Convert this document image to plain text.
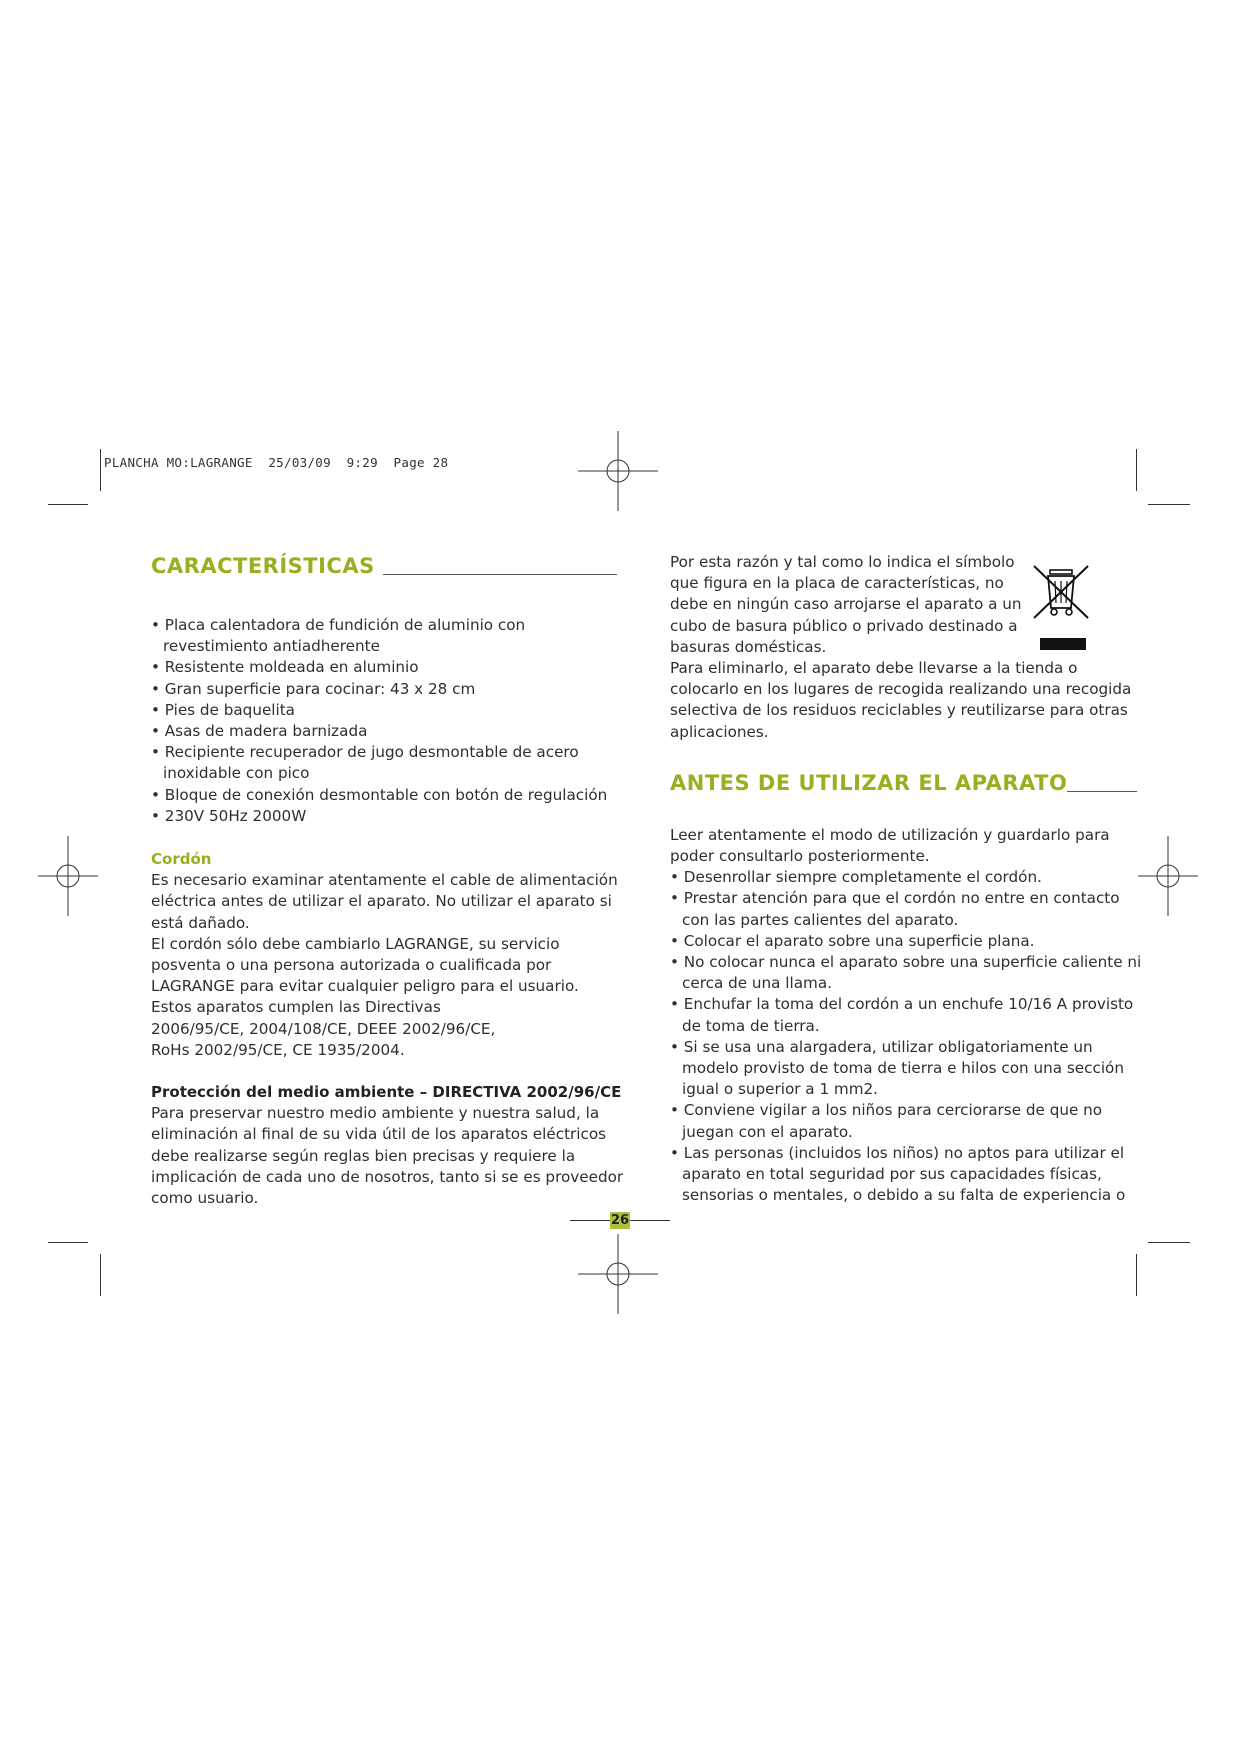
PLANCHA MO:LAGRANGE  25/03/09  9:29  Page 28
CARACTERÍSTICAS
• Placa calentadora de fundición de aluminio con revestimiento antiadherente
• Resistente moldeada en aluminio
• Gran superficie para cocinar: 43 x 28 cm
• Pies de baquelita
• Asas de madera barnizada
• Recipiente recuperador de jugo desmontable de acero inoxidable con pico
• Bloque de conexión desmontable con botón de regulación
• 230V 50Hz 2000W
Cordón

Es necesario examinar atentamente el cable de alimentación eléctrica antes de utilizar el aparato. No utilizar el aparato si está dañado.

El cordón sólo debe cambiarlo LAGRANGE, su servicio posventa o una persona autorizada o cualificada por LAGRANGE para evitar cualquier peligro para el usuario.

Estos aparatos cumplen las Directivas 2006/95/CE, 2004/108/CE, DEEE 2002/96/CE, RoHs 2002/95/CE, CE 1935/2004.

Protección del medio ambiente – DIRECTIVA 2002/96/CE

Para preservar nuestro medio ambiente y nuestra salud, la eliminación al final de su vida útil de los aparatos eléctricos debe realizarse según reglas bien precisas y requiere la implicación de cada uno de nosotros, tanto si se es proveedor como usuario.

Por esta razón y tal como lo indica el símbolo que figura en la placa de características, no debe en ningún caso arrojarse el aparato a un cubo de basura público o privado destinado a basuras domésticas.

Para eliminarlo, el aparato debe llevarse a la tienda o colocarlo en los lugares de recogida realizando una recogida selectiva de los residuos reciclables y reutilizarse para otras aplicaciones.

ANTES DE UTILIZAR EL APARATO

Leer atentamente el modo de utilización y guardarlo para poder consultarlo posteriormente.

• Desenrollar siempre completamente el cordón.
• Prestar atención para que el cordón no entre en contacto con las partes calientes del aparato.
• Colocar el aparato sobre una superficie plana.
• No colocar nunca el aparato sobre una superficie caliente ni cerca de una llama.
• Enchufar la toma del cordón a un enchufe 10/16 A provisto de toma de tierra.
• Si se usa una alargadera, utilizar obligatoriamente un modelo provisto de toma de tierra e hilos con una sección igual o superior a 1 mm2.
• Conviene vigilar a los niños para cerciorarse de que no juegan con el aparato.
• Las personas (incluidos los niños) no aptos para utilizar el aparato en total seguridad por sus capacidades físicas, sensorias o mentales, o debido a su falta de experiencia o
26
